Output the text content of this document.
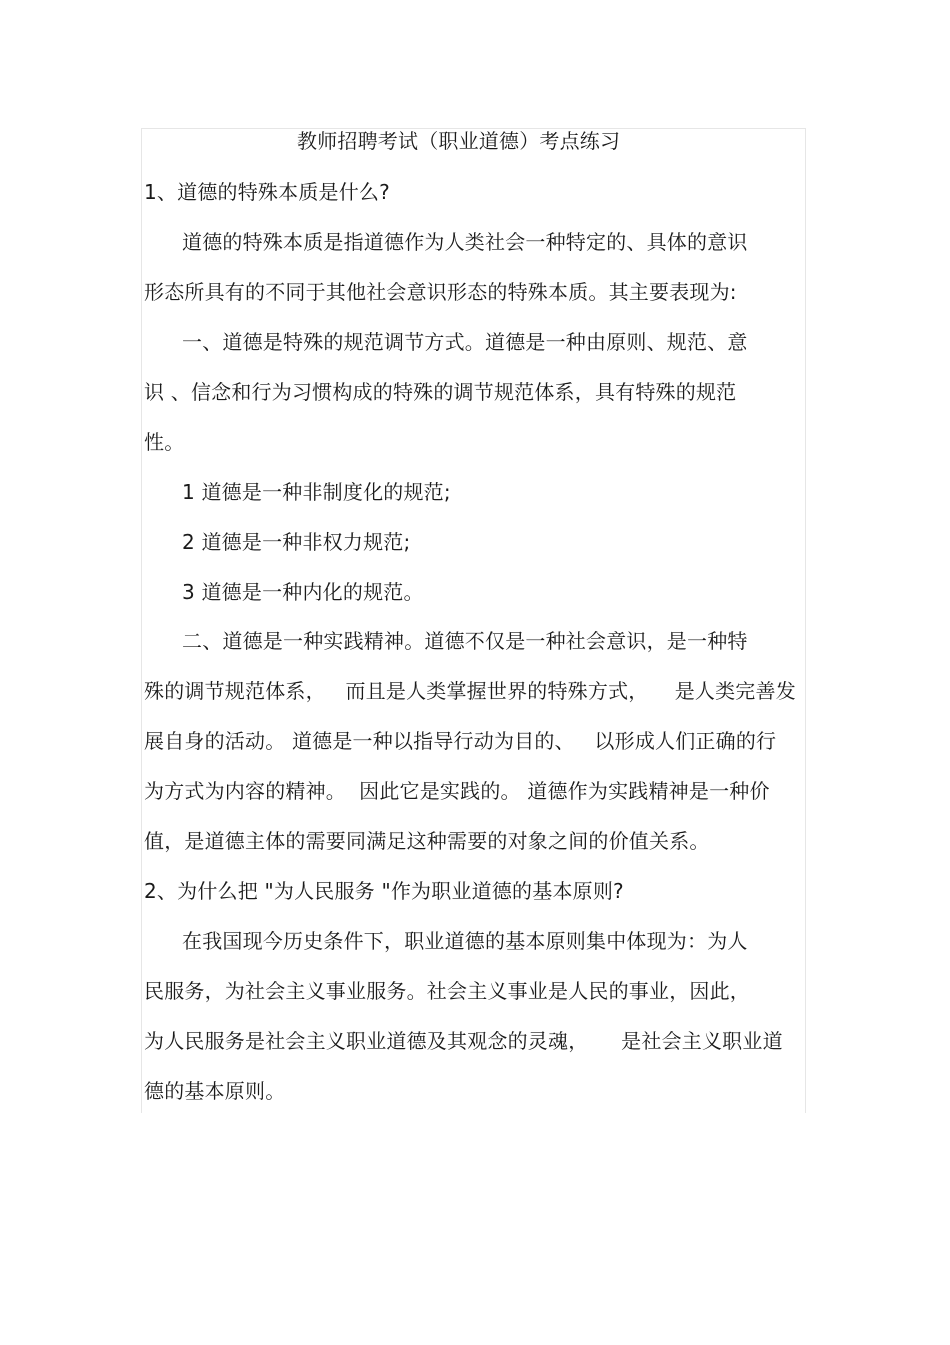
教师招聘考试（职业道德）考点练习
1、道德的特殊本质是什么?
道德的特殊本质是指道德作为人类社会一种特定的、具体的意识
形态所具有的不同于其他社会意识形态的特殊本质。其主要表现为:
一、道德是特殊的规范调节方式。道德是一种由原则、规范、意
识 、信念和行为习惯构成的特殊的调节规范体系，具有特殊的规范
性。
1 道德是一种非制度化的规范;
2 道德是一种非权力规范;
3 道德是一种内化的规范。
二、道德是一种实践精神。道德不仅是一种社会意识，是一种特
殊的调节规范体系，   而且是人类掌握世界的特殊方式，    是人类完善发
展自身的活动。 道德是一种以指导行动为目的、   以形成人们正确的行
为方式为内容的精神。  因此它是实践的。 道德作为实践精神是一种价
值，是道德主体的需要同满足这种需要的对象之间的价值关系。
2、为什么把 "为人民服务 "作为职业道德的基本原则?
在我国现今历史条件下，职业道德的基本原则集中体现为：为人
民服务，为社会主义事业服务。社会主义事业是人民的事业，因此，
为人民服务是社会主义职业道德及其观念的灵魂，     是社会主义职业道
德的基本原则。
